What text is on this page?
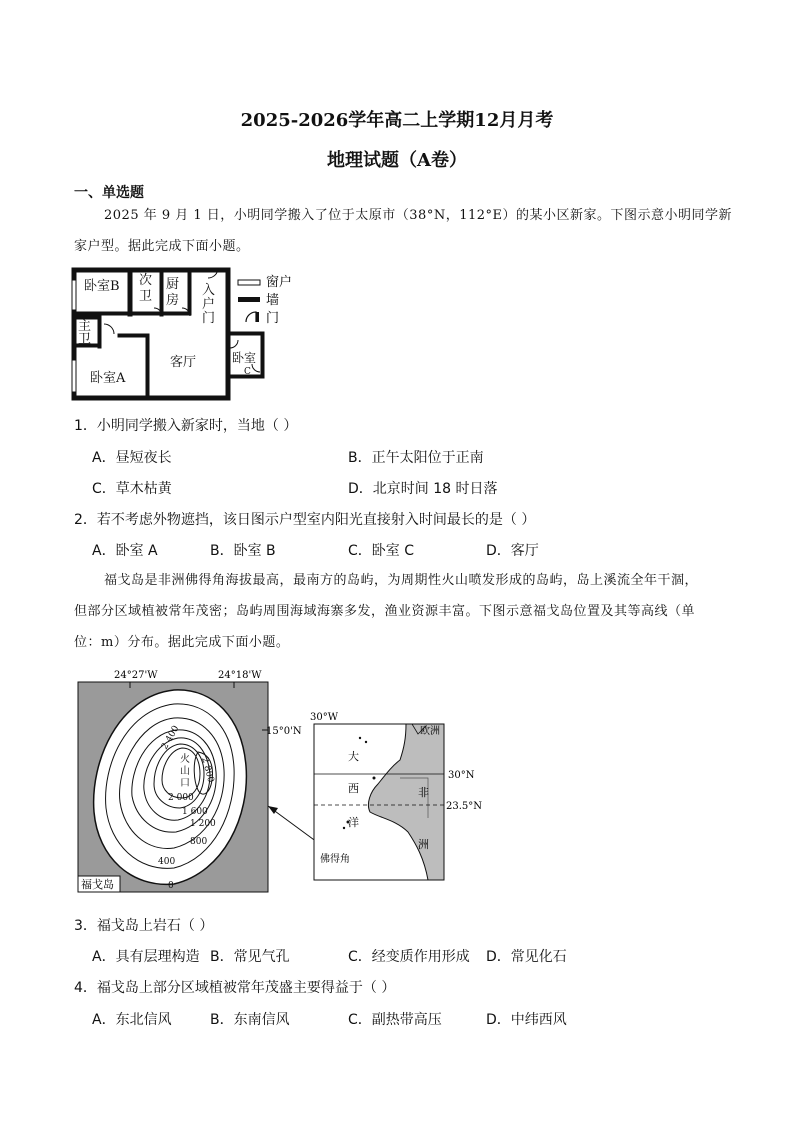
2025-2026学年高二上学期12月月考
地理试题（A卷）
一、单选题
2025 年 9 月 1 日，小明同学搬入了位于太原市（38°N，112°E）的某小区新家。下图示意小明同学新
家户型。据此完成下面小题。
卧室B 次
卫
厨
房
入
户
门
主
卫
客厅
卧室A
卧室
C
窗户
墙
门
1．小明同学搬入新家时，当地（ ）
A．昼短夜长	B．正午太阳位于正南
C．草木枯黄	D．北京时间 18 时日落
2．若不考虑外物遮挡，该日图示户型室内阳光直接射入时间最长的是（ ）
A．卧室 A	B．卧室 B	C．卧室 C	D．客厅
福戈岛是非洲佛得角海拔最高，最南方的岛屿，为周期性火山喷发形成的岛屿，岛上溪流全年干涸，
但部分区域植被常年茂密；岛屿周围海域海寨多发，渔业资源丰富。下图示意福戈岛位置及其等高线（单
位：m）分布。据此完成下面小题。
24°27'W	24°18'W
15°0'N
火
山
口
2 400
2 800
2 000
1 600
1 200
800
400
0
福戈岛
30°W
欧洲
大
西
洋
非
洲
30°N
23.5°N
佛得角
3．福戈岛上岩石（ ）
A．具有层理构造 B．常见气孔	C．经变质作用形成 D．常见化石
4．福戈岛上部分区域植被常年茂盛主要得益于（ ）
A．东北信风	B．东南信风	C．副热带高压	D．中纬西风
